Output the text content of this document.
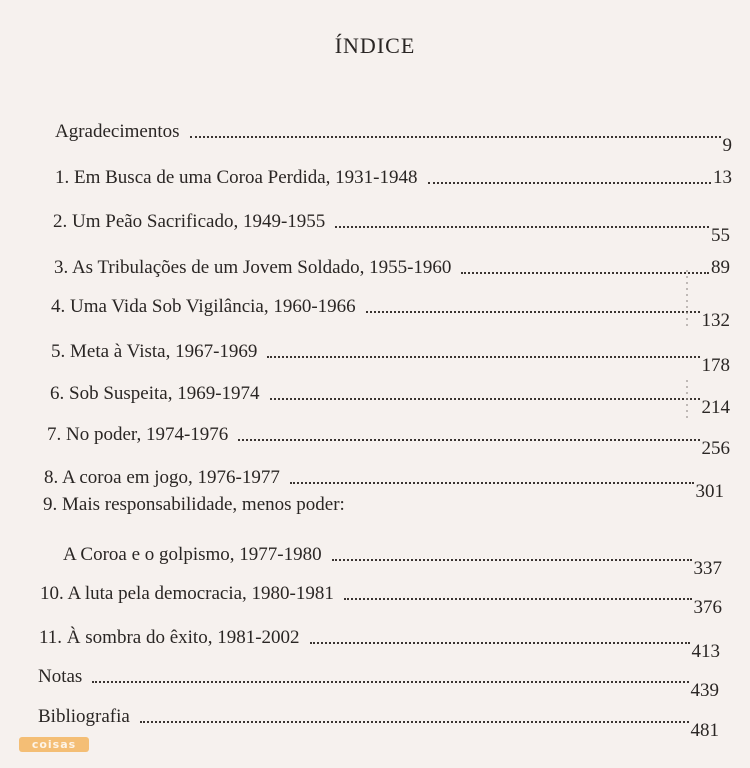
ÍNDICE
Agradecimentos
9
1. Em Busca de uma Coroa Perdida, 1931-1948	13
2. Um Peão Sacrificado, 1949-1955
55
3. As Tribulações de um Jovem Soldado, 1955-1960	89
4. Uma Vida Sob Vigilância, 1960-1966
132
5. Meta à Vista, 1967-1969
178
6. Sob Suspeita, 1969-1974
214
7. No poder, 1974-1976
256
8. A coroa em jogo, 1976-1977
301
9. Mais responsabilidade, menos poder:
A Coroa e o golpismo, 1977-1980
337
10. A luta pela democracia, 1980-1981
376
11. À sombra do êxito, 1981-2002
413
Notas
439
Bibliografia
481
coisas
